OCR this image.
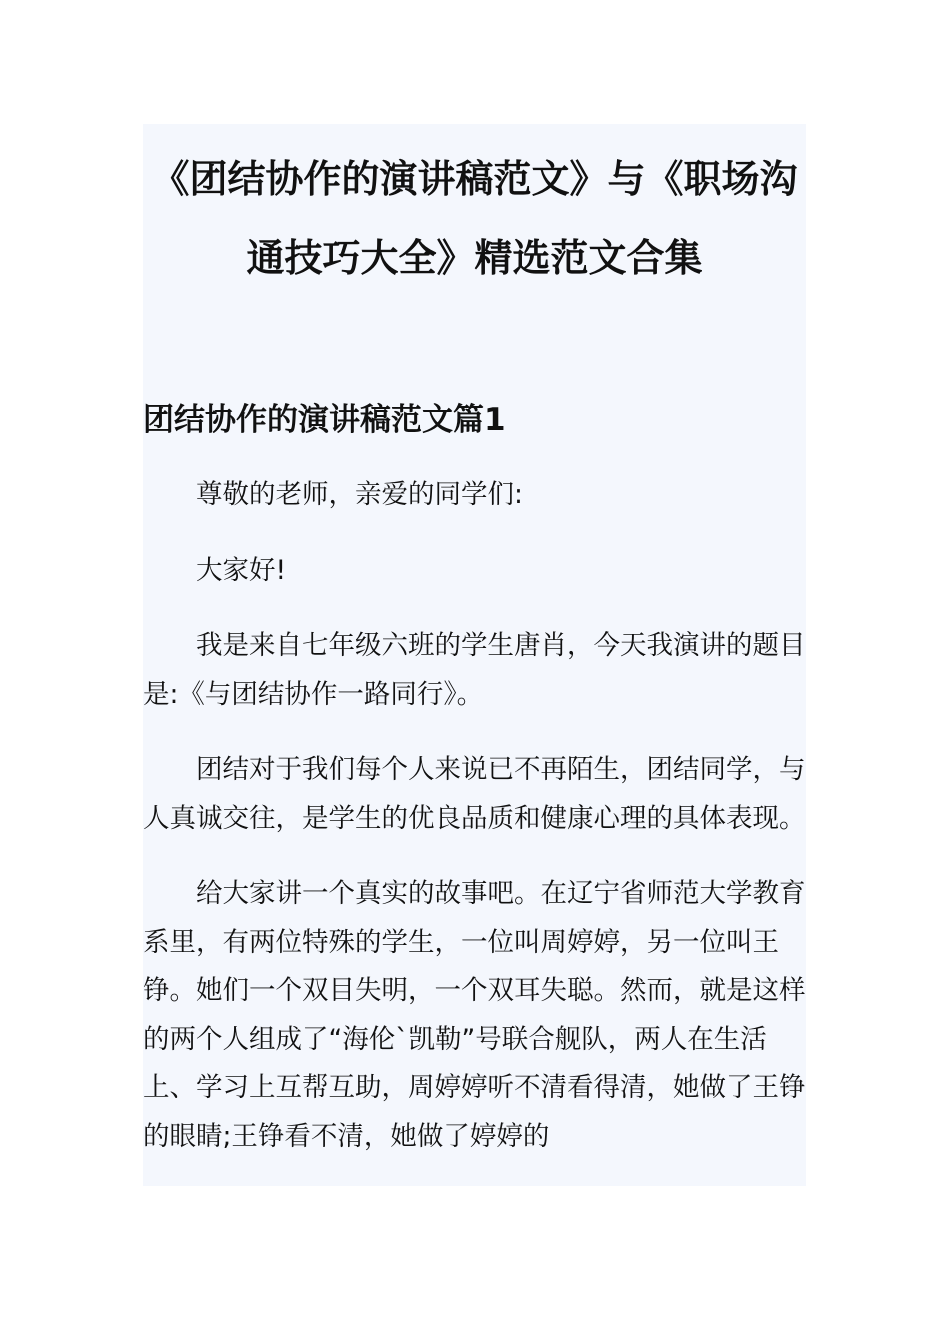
《团结协作的演讲稿范文》与《职场沟通技巧大全》精选范文合集
团结协作的演讲稿范文篇1

尊敬的老师，亲爱的同学们:

大家好!

我是来自七年级六班的学生唐肖，今天我演讲的题目是:《与团结协作一路同行》。

团结对于我们每个人来说已不再陌生，团结同学，与人真诚交往，是学生的优良品质和健康心理的具体表现。

给大家讲一个真实的故事吧。在辽宁省师范大学教育系里，有两位特殊的学生，一位叫周婷婷，另一位叫王铮。她们一个双目失明，一个双耳失聪。然而，就是这样的两个人组成了“海伦`凯勒”号联合舰队，两人在生活上、学习上互帮互助，周婷婷听不清看得清，她做了王铮的眼睛;王铮看不清，她做了婷婷的
